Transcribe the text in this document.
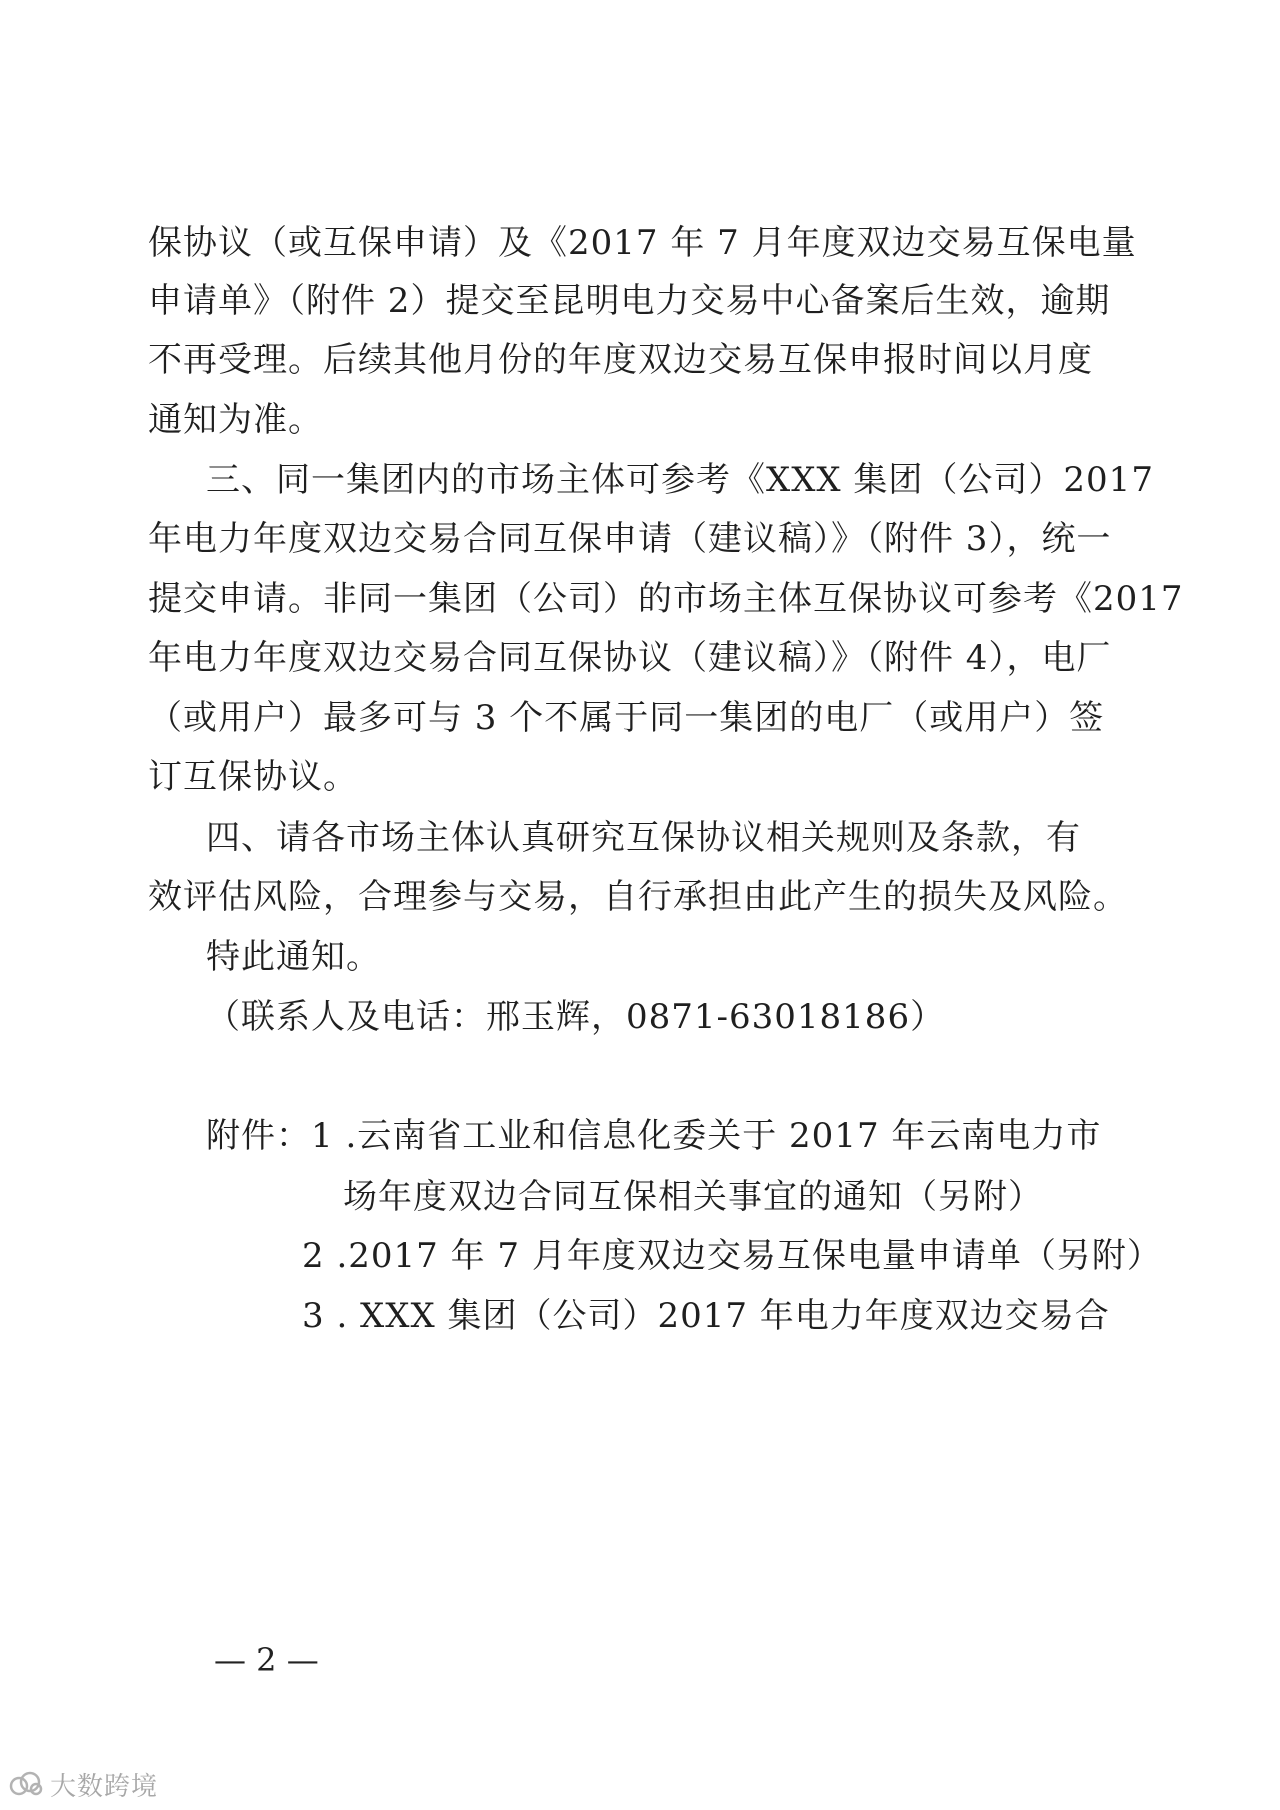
保协议（或互保申请）及《2017 年 7 月年度双边交易互保电量
申请单》（附件 2）提交至昆明电力交易中心备案后生效，逾期
不再受理。后续其他月份的年度双边交易互保申报时间以月度
通知为准。
三、同一集团内的市场主体可参考《XXX 集团（公司）2017
年电力年度双边交易合同互保申请（建议稿）》（附件 3），统一
提交申请。非同一集团（公司）的市场主体互保协议可参考《2017
年电力年度双边交易合同互保协议（建议稿）》（附件 4），电厂
（或用户）最多可与 3 个不属于同一集团的电厂（或用户）签
订互保协议。
四、请各市场主体认真研究互保协议相关规则及条款，有
效评估风险，合理参与交易，自行承担由此产生的损失及风险。
特此通知。
（联系人及电话：邢玉辉，0871-63018186）
附件：1 .云南省工业和信息化委关于 2017 年云南电力市
场年度双边合同互保相关事宜的通知（另附）
2 .2017 年 7 月年度双边交易互保电量申请单（另附）
3 . XXX 集团（公司）2017 年电力年度双边交易合
— 2 —
大数跨境
